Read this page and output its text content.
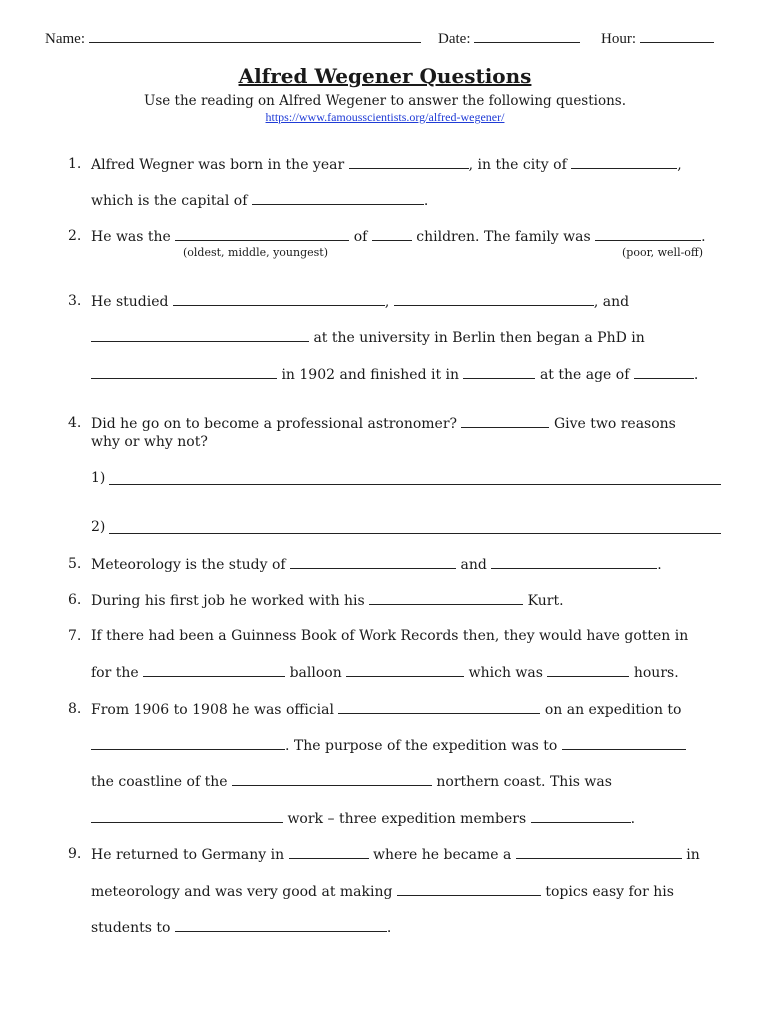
Name:	Date:	Hour:
Alfred Wegener Questions
Use the reading on Alfred Wegener to answer the following questions.
https://www.famousscientists.org/alfred-wegener/
1. Alfred Wegner was born in the year	, in the city of	,
which is the capital of	.
2. He was the	of	children. The family was	.
(oldest, middle, youngest)	(poor, well-off)
3. He studied	,	, and
at the university in Berlin then began a PhD in
in 1902 and finished it in	at the age of	.
4. Did he go on to become a professional astronomer?	Give two reasons
why or why not?
1)
2)
5. Meteorology is the study of	and	.
6. During his first job he worked with his	Kurt.
7. If there had been a Guinness Book of Work Records then, they would have gotten in
for the	balloon	which was	hours.
8. From 1906 to 1908 he was official	on an expedition to
. The purpose of the expedition was to
the coastline of the	northern coast. This was
work – three expedition members	.
9. He returned to Germany in	where he became a	in
meteorology and was very good at making	topics easy for his
students to	.
